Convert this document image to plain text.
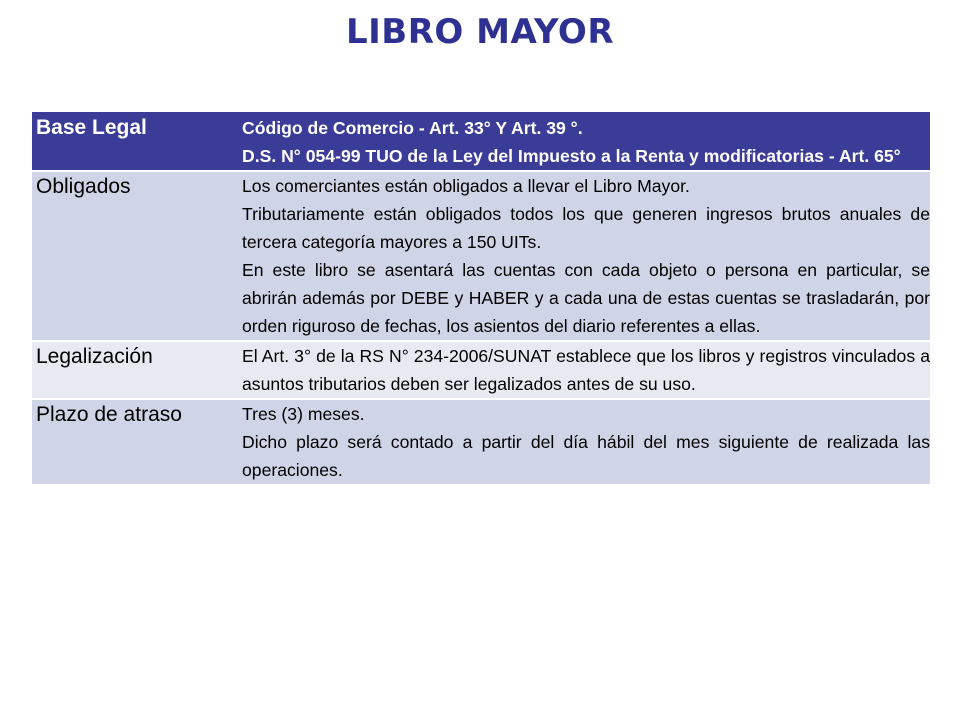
LIBRO MAYOR
Base Legal	Código de Comercio - Art. 33° Y Art. 39 °.

D.S. N° 054-99 TUO de la Ley del Impuesto a la Renta y modificatorias - Art. 65°

Obligados	Los comerciantes están obligados a llevar el Libro Mayor.

Tributariamente están obligados todos los que generen ingresos brutos anuales de tercera categoría mayores a 150 UITs.

En este libro se asentará las cuentas con cada objeto o persona en particular, se abrirán además por DEBE y HABER y a cada una de estas cuentas se trasladarán, por orden riguroso de fechas, los asientos del diario referentes a ellas.

Legalización	El Art. 3° de la RS N° 234-2006/SUNAT establece que los libros y registros vinculados a asuntos tributarios deben ser legalizados antes de su uso.

Plazo de atraso	Tres (3) meses.

Dicho plazo será contado a partir del día hábil del mes siguiente de realizada las operaciones.
